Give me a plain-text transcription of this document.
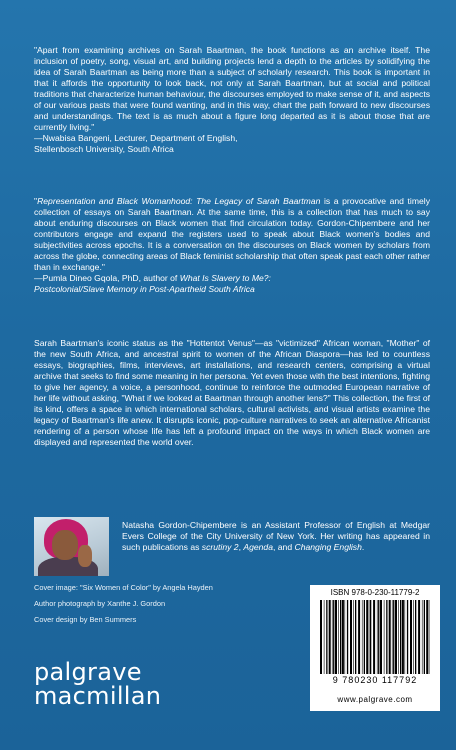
"Apart from examining archives on Sarah Baartman, the book functions as an archive itself. The inclusion of poetry, song, visual art, and building projects lend a depth to the articles by solidifying the idea of Sarah Baartman as being more than a subject of scholarly research. This book is important in that it affords the opportunity to look back, not only at Sarah Baartman, but at social and political traditions that characterize human behaviour, the discourses employed to make sense of it, and aspects of our various pasts that were found wanting, and in this way, chart the path forward to new discourses and understandings. The text is as much about a figure long departed as it is about those that are currently living."

—Nwabisa Bangeni, Lecturer, Department of English,

Stellenbosch University, South Africa

"Representation and Black Womanhood: The Legacy of Sarah Baartman is a provocative and timely collection of essays on Sarah Baartman. At the same time, this is a collection that has much to say about enduring discourses on Black women that find circulation today. Gordon-Chipembere and her contributors engage and expand the registers used to speak about Black women's bodies and subjectivities across epochs. It is a conversation on the discourses on Black women by scholars from across the globe, connecting areas of Black feminist scholarship that often speak past each other rather than in exchange."

—Pumla Dineo Gqola, PhD, author of What Is Slavery to Me?:

Postcolonial/Slave Memory in Post-Apartheid South Africa

Sarah Baartman's iconic status as the "Hottentot Venus"—as "victimized" African woman, "Mother" of the new South Africa, and ancestral spirit to women of the African Diaspora—has led to countless essays, biographies, films, interviews, art installations, and research centers, comprising a virtual archive that seeks to find some meaning in her persona. Yet even those with the best intentions, fighting to give her agency, a voice, a personhood, continue to reinforce the outmoded European narrative of her life without asking, "What if we looked at Baartman through another lens?" This collection, the first of its kind, offers a space in which international scholars, cultural activists, and visual artists examine the legacy of Baartman's life anew. It disrupts iconic, pop-culture narratives to seek an alternative Africanist rendering of a person whose life has left a profound impact on the ways in which Black women are displayed and represented the world over.

Natasha Gordon-Chipembere is an Assistant Professor of English at Medgar Evers College of the City University of New York. Her writing has appeared in such publications as scrutiny 2, Agenda, and Changing English.

Cover image: "Six Women of Color" by Angela Hayden
Author photograph by Xanthe J. Gordon
Cover design by Ben Summers
palgrave
macmillan
ISBN 978-0-230-11779-2
9 780230 117792
www.palgrave.com
